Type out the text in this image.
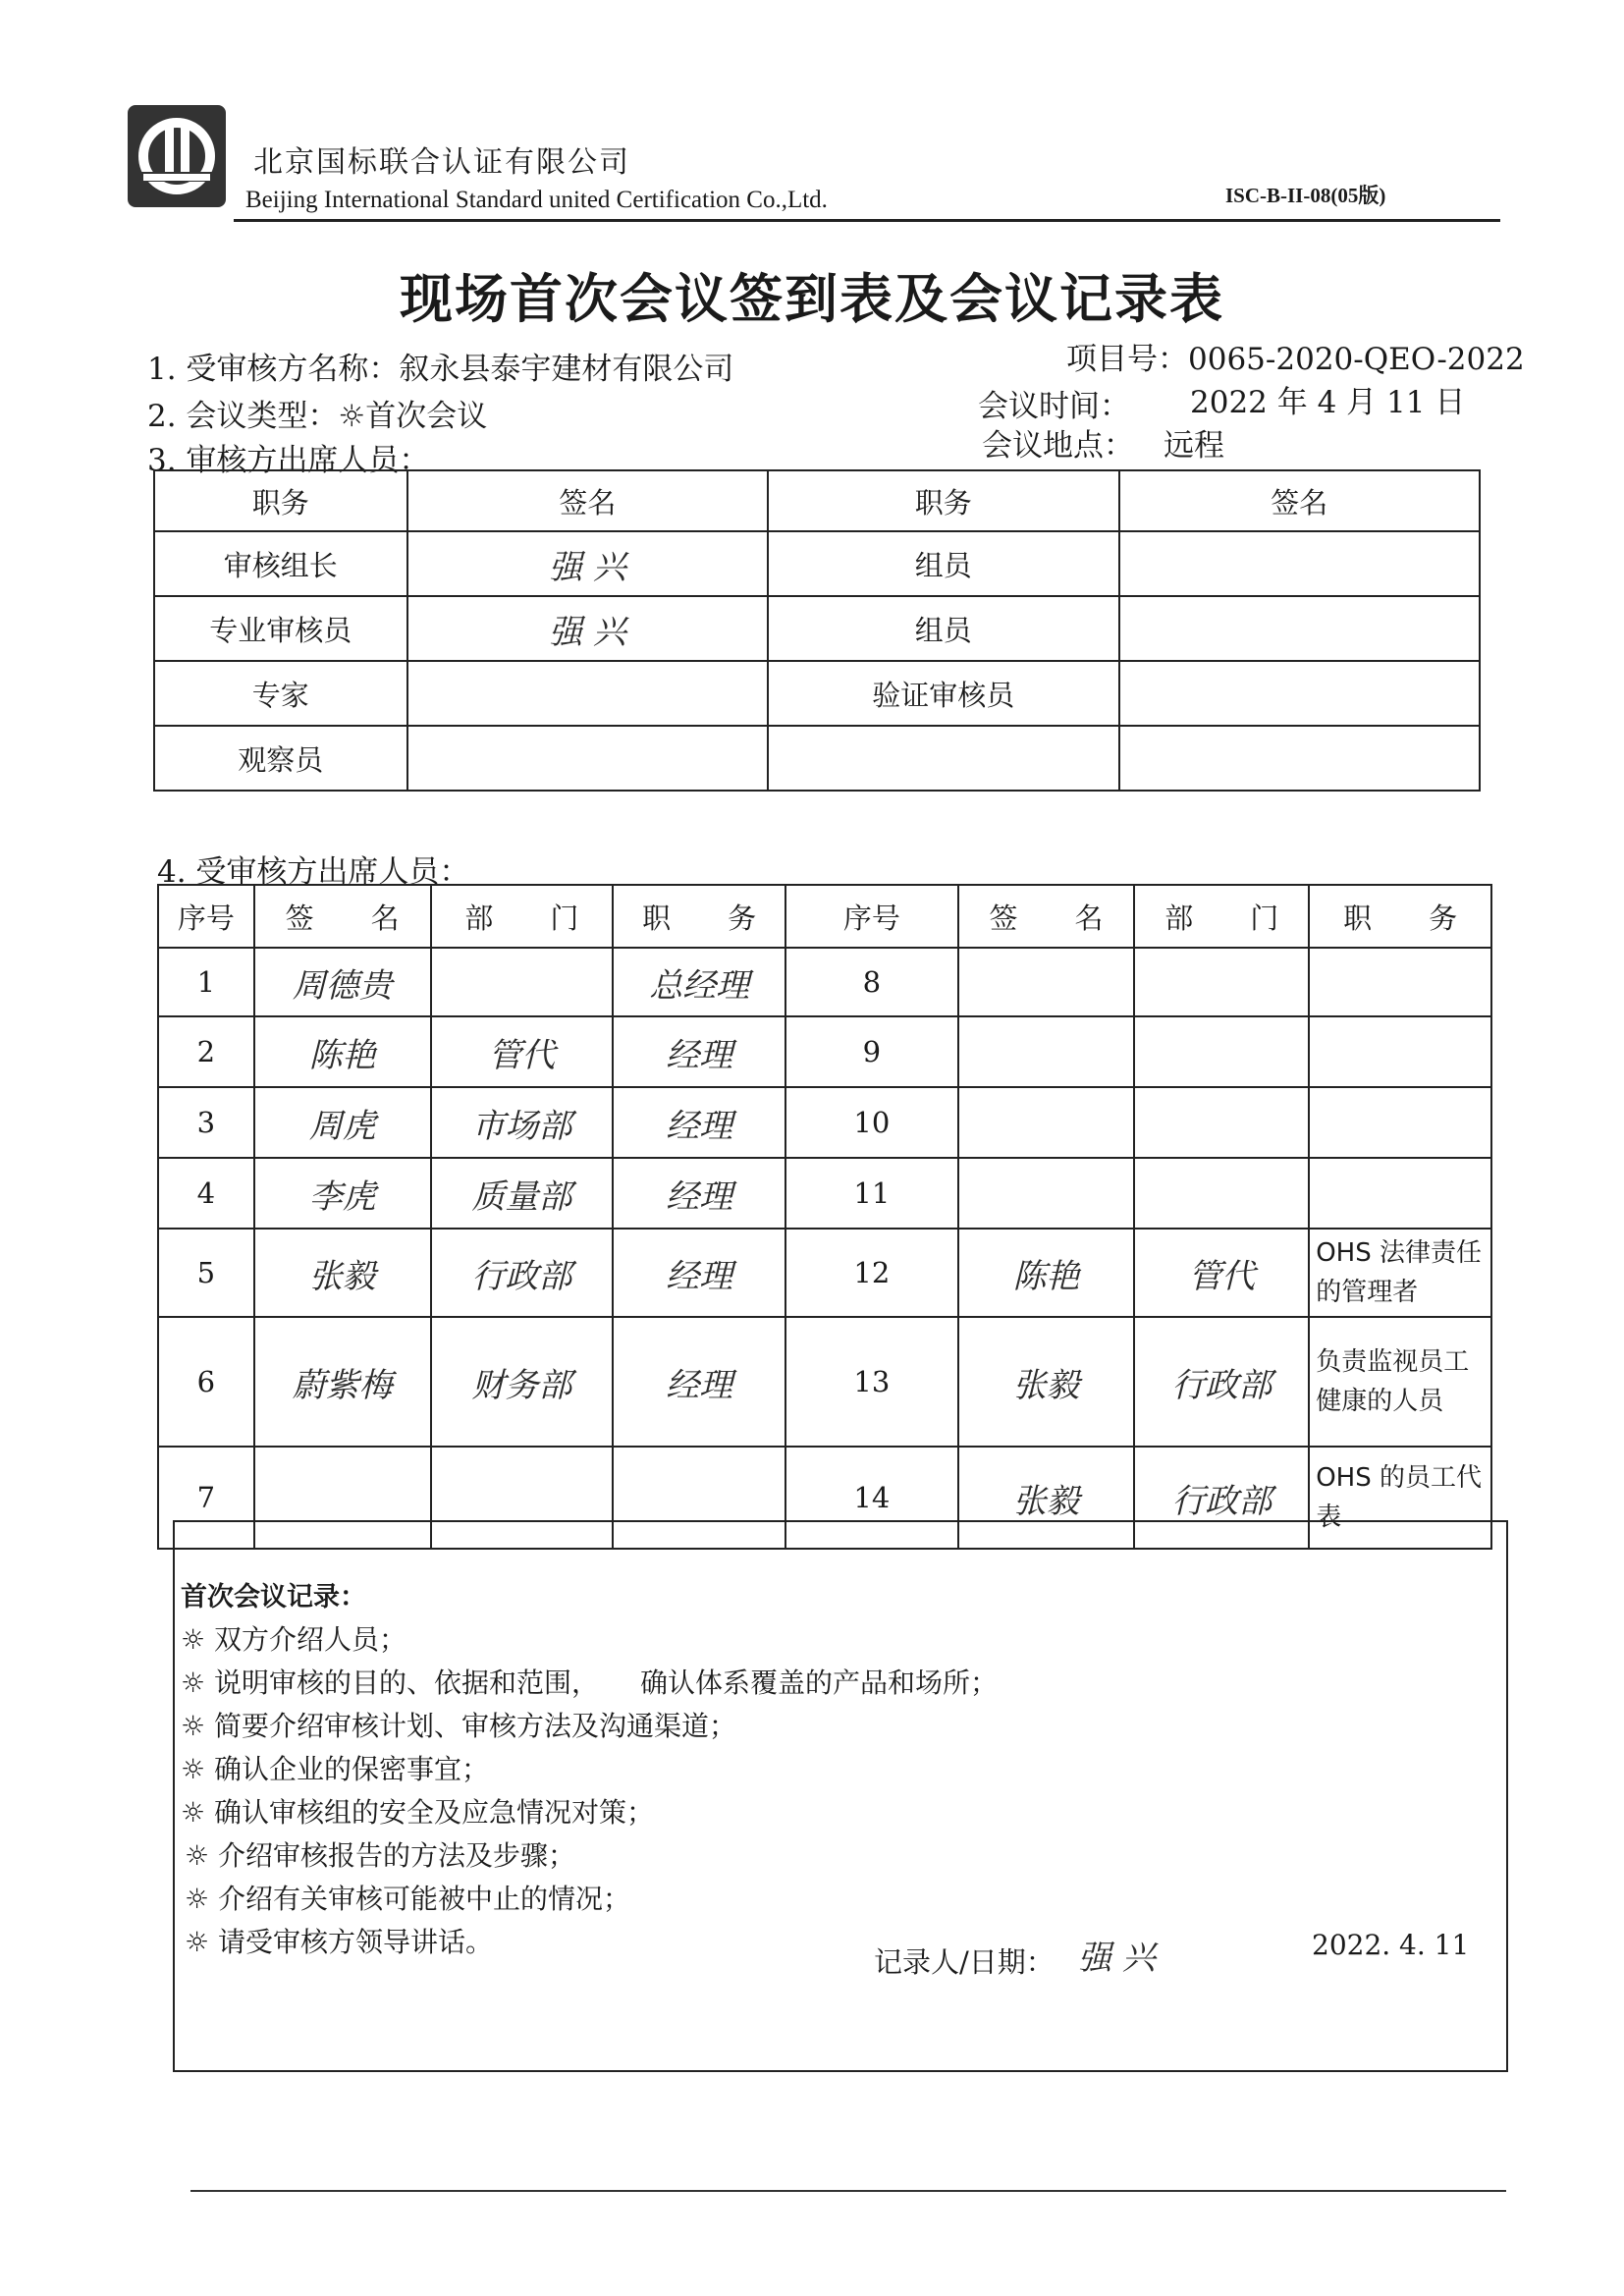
北京国标联合认证有限公司
Beijing International Standard united Certification Co.,Ltd.	ISC-B-II-08(05版)
现场首次会议签到表及会议记录表
1. 受审核方名称：叙永县泰宇建材有限公司
2. 会议类型：☼首次会议
3. 审核方出席人员：
项目号：0065-2020-QEO-2022
会议时间： 2022 年 4 月 11 日
会议地点： 远程
职务	签名	职务	签名
审核组长	强 兴	组员	
专业审核员	强 兴	组员	
专家		验证审核员	
观察员			
4. 受审核方出席人员：
序号	签　　名	部　　门	职　　务	序号	签　　名	部　　门	职　　务
1	周德贵		总经理	8			
2	陈艳	管代	经理	9			
3	周虎	市场部	经理	10			
4	李虎	质量部	经理	11			
5	张毅	行政部	经理	12	陈艳	管代	OHS 法律责任的管理者
6	蔚紫梅	财务部	经理	13	张毅	行政部	负责监视员工健康的人员
7				14	张毅	行政部	OHS 的员工代表
首次会议记录：
☼ 双方介绍人员；
☼ 说明审核的目的、依据和范围，　　确认体系覆盖的产品和场所；
☼ 简要介绍审核计划、审核方法及沟通渠道；
☼ 确认企业的保密事宜；
☼ 确认审核组的安全及应急情况对策；
☼ 介绍审核报告的方法及步骤；
☼ 介绍有关审核可能被中止的情况；
☼ 请受审核方领导讲话。
记录人/日期： 强 兴	2022. 4. 11
